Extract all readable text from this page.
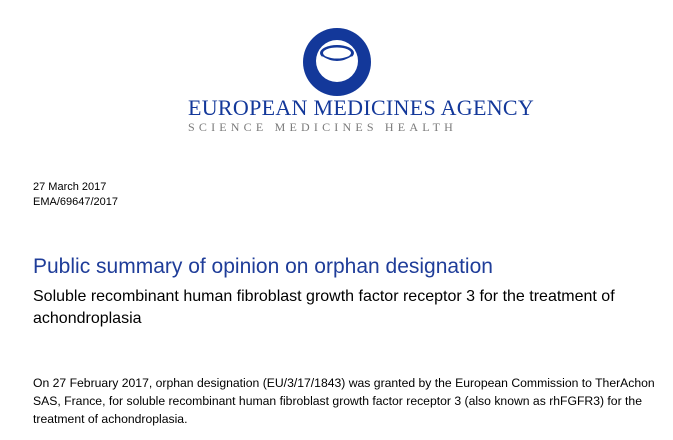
EUROPEAN MEDICINES AGENCY
SCIENCE MEDICINES HEALTH
27 March 2017
EMA/69647/2017
Public summary of opinion on orphan designation
Soluble recombinant human fibroblast growth factor receptor 3 for the treatment of achondroplasia
On 27 February 2017, orphan designation (EU/3/17/1843) was granted by the European Commission to TherAchon SAS, France, for soluble recombinant human fibroblast growth factor receptor 3 (also known as rhFGFR3) for the treatment of achondroplasia.
